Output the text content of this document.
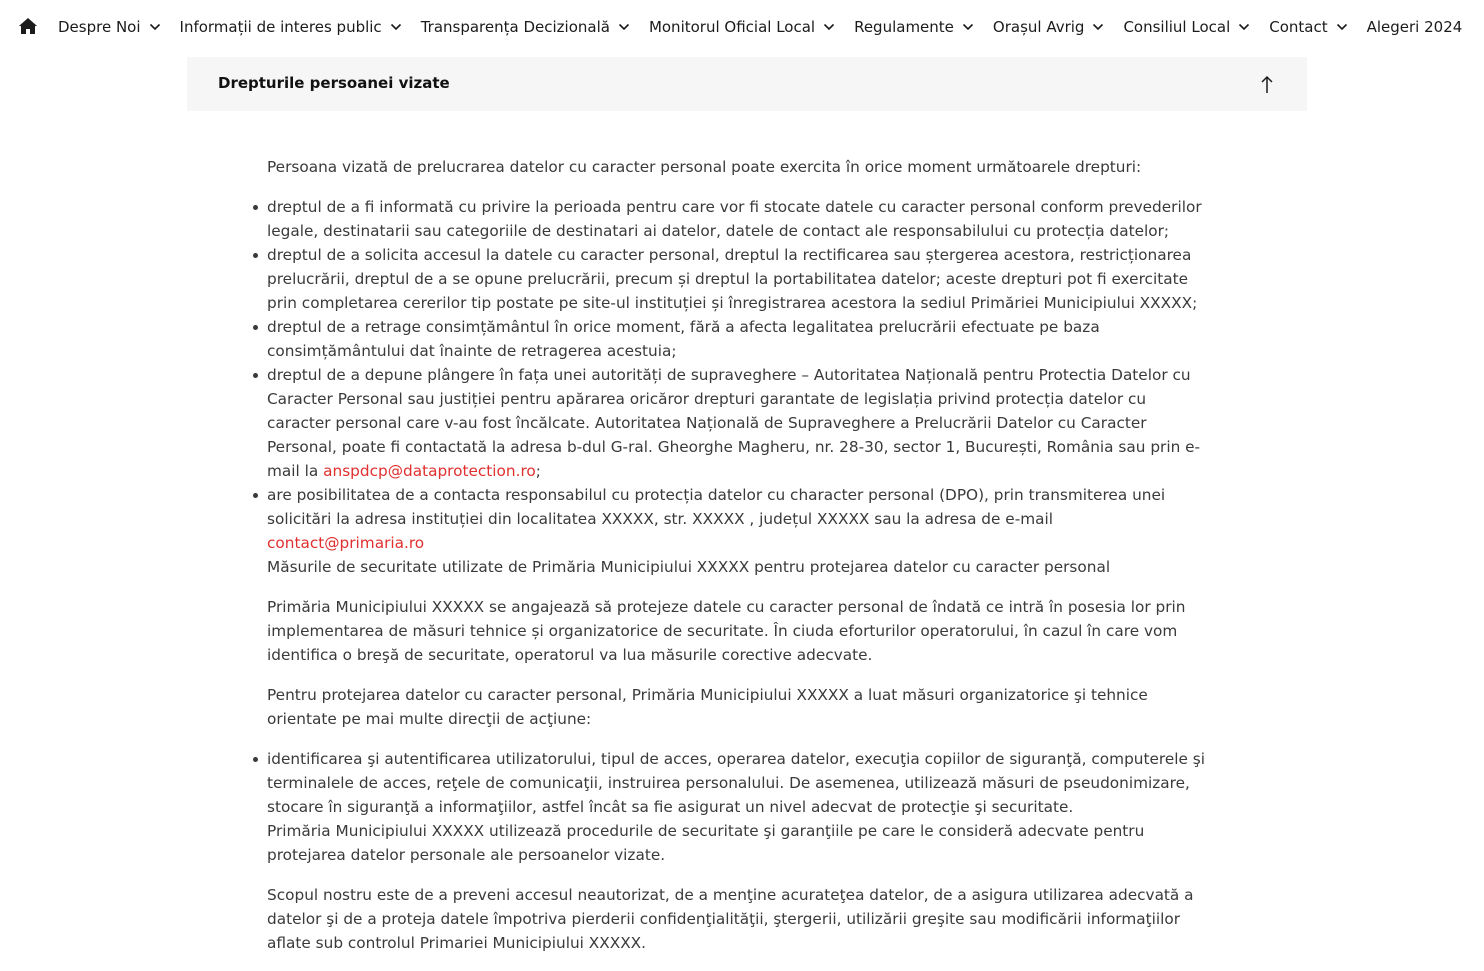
Despre Noi	Informații de interes public	Transparența Decizională	Monitorul Oficial Local	Regulamente	Orașul Avrig	Consiliul Local	Contact	Alegeri 2024
Drepturile persoanei vizate

Persoana vizată de prelucrarea datelor cu caracter personal poate exercita în orice moment următoarele drepturi:

dreptul de a fi informată cu privire la perioada pentru care vor fi stocate datele cu caracter personal conform prevederilor legale, destinatarii sau categoriile de destinatari ai datelor, datele de contact ale responsabilului cu protecția datelor;
dreptul de a solicita accesul la datele cu caracter personal, dreptul la rectificarea sau ștergerea acestora, restricționarea prelucrării, dreptul de a se opune prelucrării, precum și dreptul la portabilitatea datelor; aceste drepturi pot fi exercitate prin completarea cererilor tip postate pe site-ul instituției și înregistrarea acestora la sediul Primăriei Municipiului XXXXX;
dreptul de a retrage consimțământul în orice moment, fără a afecta legalitatea prelucrării efectuate pe baza consimțământului dat înainte de retragerea acestuia;
dreptul de a depune plângere în fața unei autorități de supraveghere – Autoritatea Națională pentru Protectia Datelor cu Caracter Personal sau justiției pentru apărarea oricăror drepturi garantate de legislația privind protecția datelor cu caracter personal care v-au fost încălcate. Autoritatea Națională de Supraveghere a Prelucrării Datelor cu Caracter Personal, poate fi contactată la adresa b-dul G-ral. Gheorghe Magheru, nr. 28-30, sector 1, București, România sau prin e-mail la anspdcp@dataprotection.ro;
are posibilitatea de a contacta responsabilul cu protecția datelor cu character personal (DPO), prin transmiterea unei solicitări la adresa instituției din localitatea XXXXX, str. XXXXX , județul XXXXX sau la adresa de e-mail contact@primaria.ro
Măsurile de securitate utilizate de Primăria Municipiului XXXXX pentru protejarea datelor cu caracter personal

Primăria Municipiului XXXXX se angajează să protejeze datele cu caracter personal de îndată ce intră în posesia lor prin implementarea de măsuri tehnice și organizatorice de securitate. În ciuda eforturilor operatorului, în cazul în care vom identifica o breşă de securitate, operatorul va lua măsurile corective adecvate.

Pentru protejarea datelor cu caracter personal, Primăria Municipiului XXXXX a luat măsuri organizatorice şi tehnice orientate pe mai multe direcţii de acţiune:

identificarea şi autentificarea utilizatorului, tipul de acces, operarea datelor, execuţia copiilor de siguranţă, computerele şi terminalele de acces, reţele de comunicaţii, instruirea personalului. De asemenea, utilizează măsuri de pseudonimizare, stocare în siguranţă a informaţiilor, astfel încât sa fie asigurat un nivel adecvat de protecţie şi securitate.
Primăria Municipiului XXXXX utilizează procedurile de securitate şi garanţiile pe care le consideră adecvate pentru protejarea datelor personale ale persoanelor vizate.

Scopul nostru este de a preveni accesul neautorizat, de a menţine acurateţea datelor, de a asigura utilizarea adecvată a datelor şi de a proteja datele împotriva pierderii confidenţialităţii, ştergerii, utilizării greşite sau modificării informaţiilor aflate sub controlul Primariei Municipiului XXXXX.
